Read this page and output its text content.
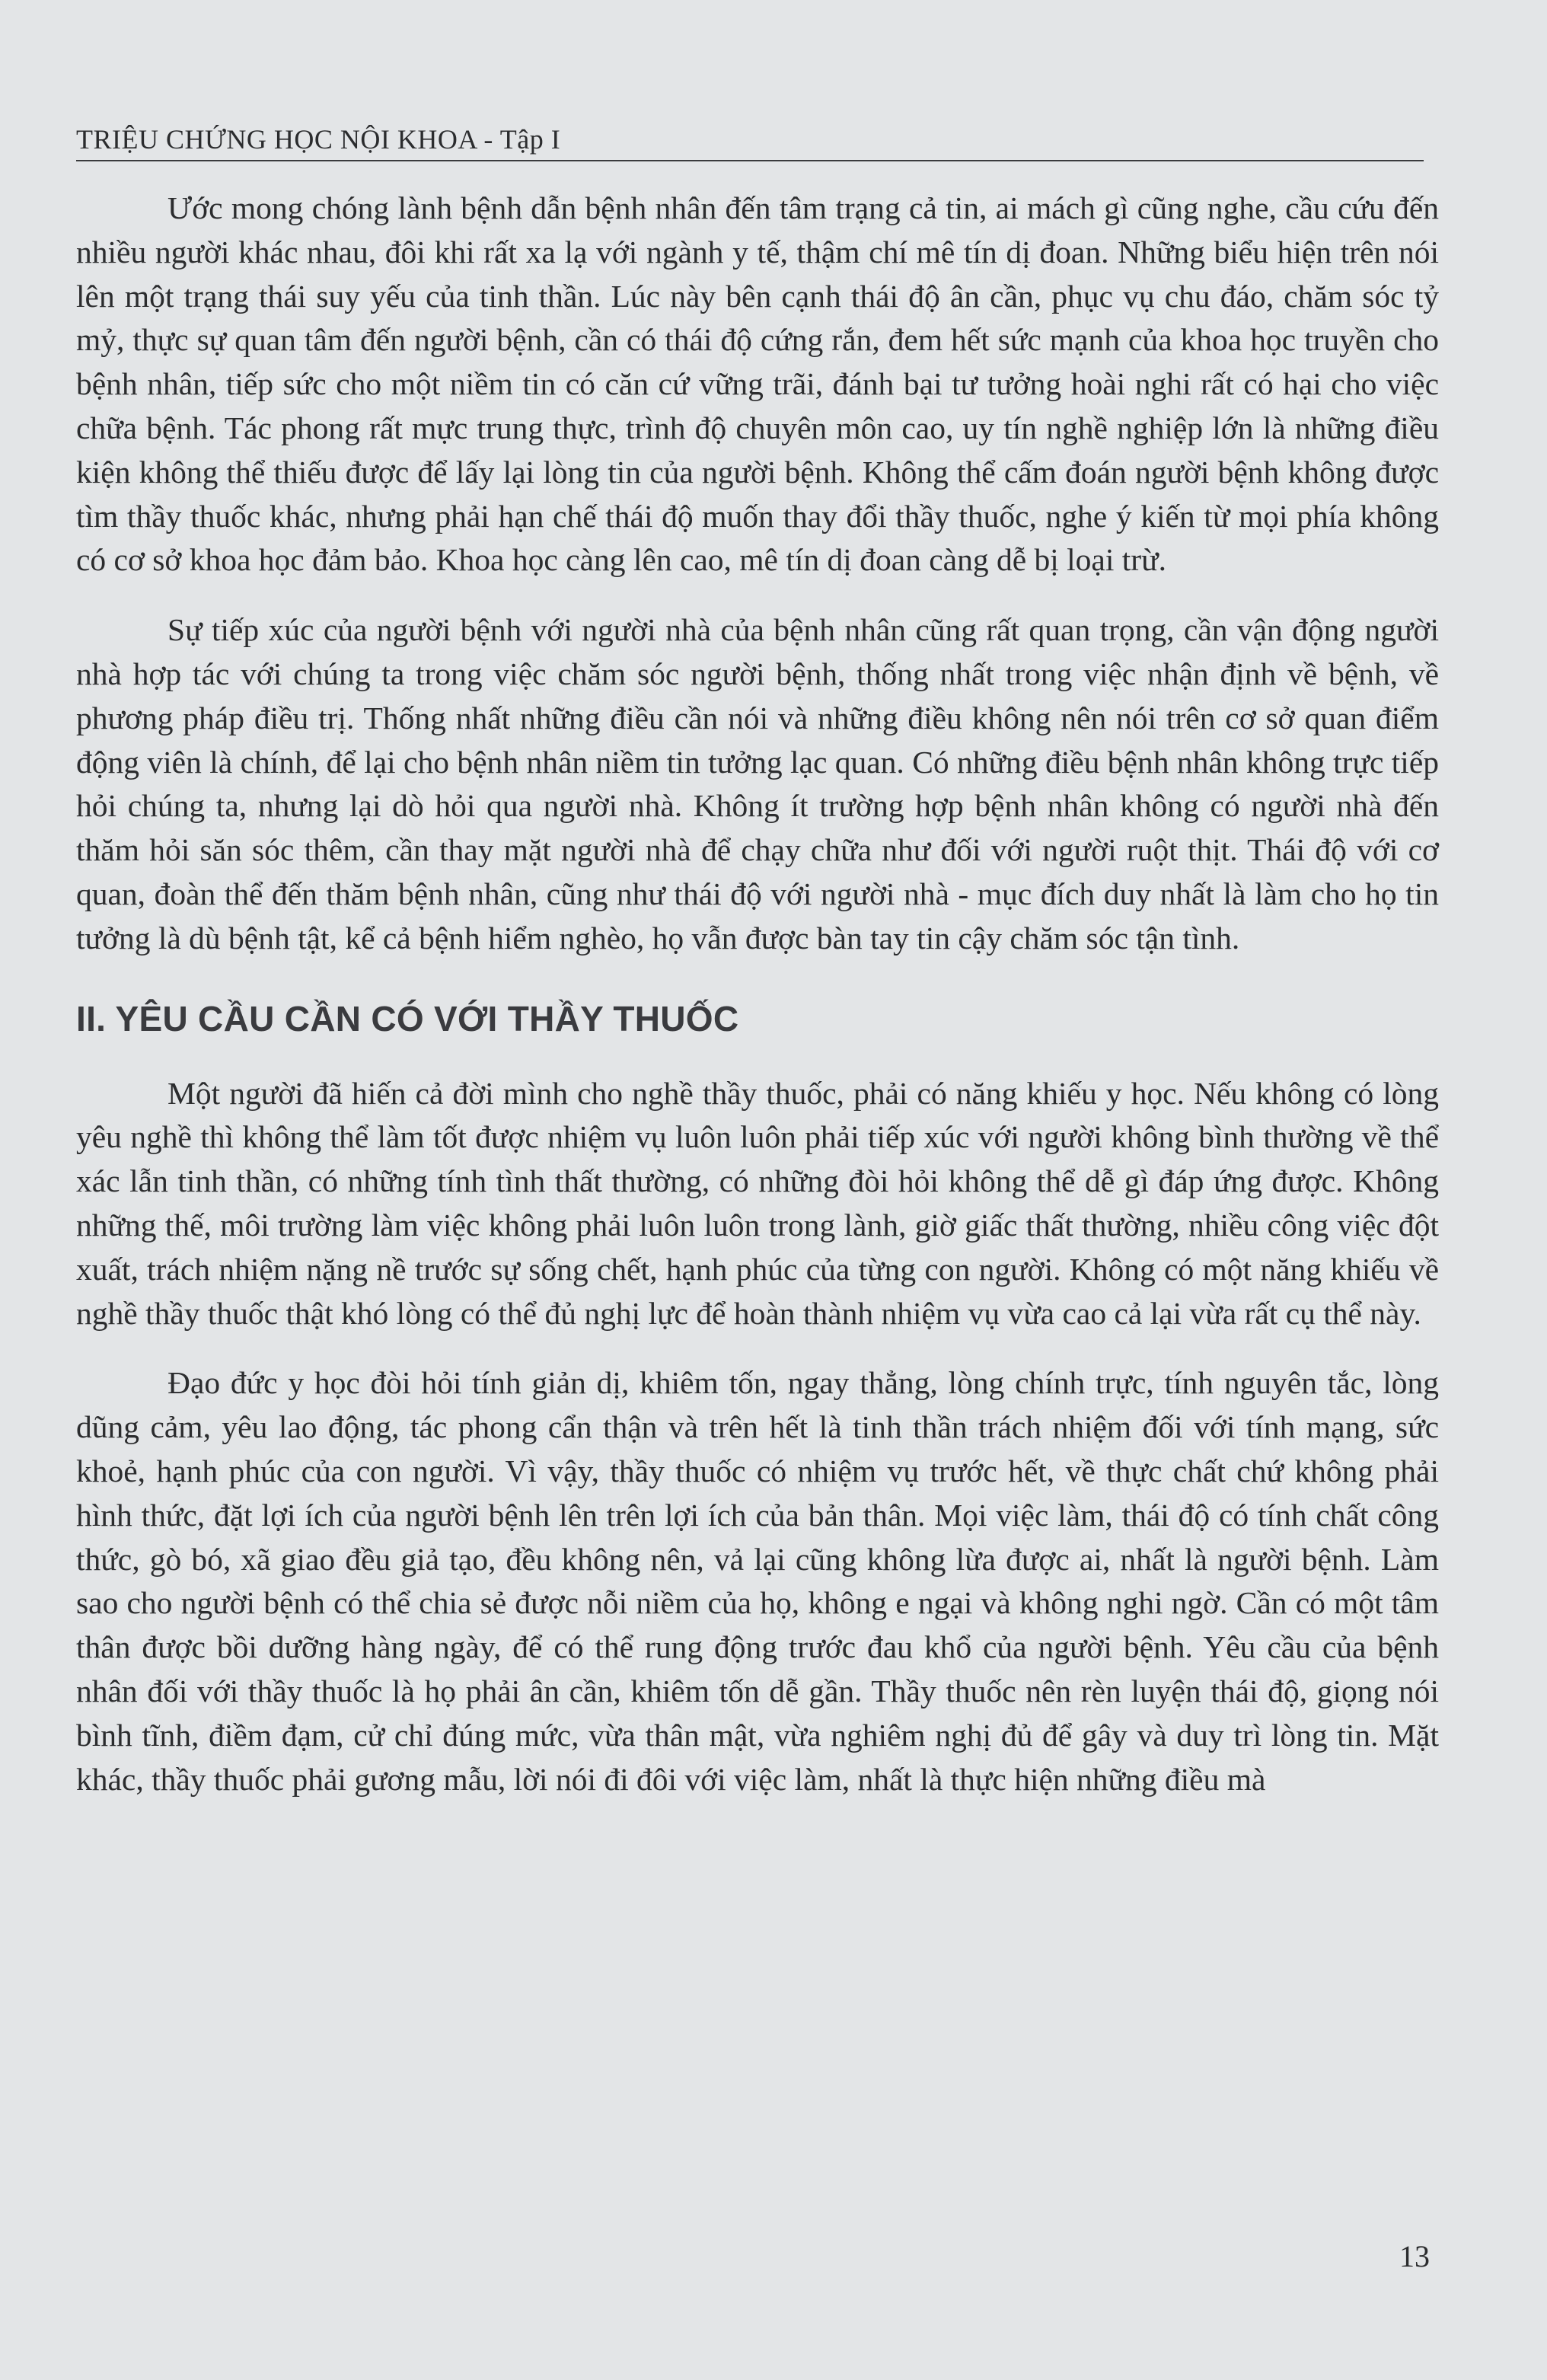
TRIỆU CHỨNG HỌC NỘI KHOA - Tập I

Ước mong chóng lành bệnh dẫn bệnh nhân đến tâm trạng cả tin, ai mách gì cũng nghe, cầu cứu đến nhiều người khác nhau, đôi khi rất xa lạ với ngành y tế, thậm chí mê tín dị đoan. Những biểu hiện trên nói lên một trạng thái suy yếu của tinh thần. Lúc này bên cạnh thái độ ân cần, phục vụ chu đáo, chăm sóc tỷ mỷ, thực sự quan tâm đến người bệnh, cần có thái độ cứng rắn, đem hết sức mạnh của khoa học truyền cho bệnh nhân, tiếp sức cho một niềm tin có căn cứ vững trãi, đánh bại tư tưởng hoài nghi rất có hại cho việc chữa bệnh. Tác phong rất mực trung thực, trình độ chuyên môn cao, uy tín nghề nghiệp lớn là những điều kiện không thể thiếu được để lấy lại lòng tin của người bệnh. Không thể cấm đoán người bệnh không được tìm thầy thuốc khác, nhưng phải hạn chế thái độ muốn thay đổi thầy thuốc, nghe ý kiến từ mọi phía không có cơ sở khoa học đảm bảo. Khoa học càng lên cao, mê tín dị đoan càng dễ bị loại trừ.

Sự tiếp xúc của người bệnh với người nhà của bệnh nhân cũng rất quan trọng, cần vận động người nhà hợp tác với chúng ta trong việc chăm sóc người bệnh, thống nhất trong việc nhận định về bệnh, về phương pháp điều trị. Thống nhất những điều cần nói và những điều không nên nói trên cơ sở quan điểm động viên là chính, để lại cho bệnh nhân niềm tin tưởng lạc quan. Có những điều bệnh nhân không trực tiếp hỏi chúng ta, nhưng lại dò hỏi qua người nhà. Không ít trường hợp bệnh nhân không có người nhà đến thăm hỏi săn sóc thêm, cần thay mặt người nhà để chạy chữa như đối với người ruột thịt. Thái độ với cơ quan, đoàn thể đến thăm bệnh nhân, cũng như thái độ với người nhà - mục đích duy nhất là làm cho họ tin tưởng là dù bệnh tật, kể cả bệnh hiểm nghèo, họ vẫn được bàn tay tin cậy chăm sóc tận tình.

II. YÊU CẦU CẦN CÓ VỚI THẦY THUỐC

Một người đã hiến cả đời mình cho nghề thầy thuốc, phải có năng khiếu y học. Nếu không có lòng yêu nghề thì không thể làm tốt được nhiệm vụ luôn luôn phải tiếp xúc với người không bình thường về thể xác lẫn tinh thần, có những tính tình thất thường, có những đòi hỏi không thể dễ gì đáp ứng được. Không những thế, môi trường làm việc không phải luôn luôn trong lành, giờ giấc thất thường, nhiều công việc đột xuất, trách nhiệm nặng nề trước sự sống chết, hạnh phúc của từng con người. Không có một năng khiếu về nghề thầy thuốc thật khó lòng có thể đủ nghị lực để hoàn thành nhiệm vụ vừa cao cả lại vừa rất cụ thể này.

Đạo đức y học đòi hỏi tính giản dị, khiêm tốn, ngay thẳng, lòng chính trực, tính nguyên tắc, lòng dũng cảm, yêu lao động, tác phong cẩn thận và trên hết là tinh thần trách nhiệm đối với tính mạng, sức khoẻ, hạnh phúc của con người. Vì vậy, thầy thuốc có nhiệm vụ trước hết, về thực chất chứ không phải hình thức, đặt lợi ích của người bệnh lên trên lợi ích của bản thân. Mọi việc làm, thái độ có tính chất công thức, gò bó, xã giao đều giả tạo, đều không nên, vả lại cũng không lừa được ai, nhất là người bệnh. Làm sao cho người bệnh có thể chia sẻ được nỗi niềm của họ, không e ngại và không nghi ngờ. Cần có một tâm thân được bồi dưỡng hàng ngày, để có thể rung động trước đau khổ của người bệnh. Yêu cầu của bệnh nhân đối với thầy thuốc là họ phải ân cần, khiêm tốn dễ gần. Thầy thuốc nên rèn luyện thái độ, giọng nói bình tĩnh, điềm đạm, cử chỉ đúng mức, vừa thân mật, vừa nghiêm nghị đủ để gây và duy trì lòng tin. Mặt khác, thầy thuốc phải gương mẫu, lời nói đi đôi với việc làm, nhất là thực hiện những điều mà

13
